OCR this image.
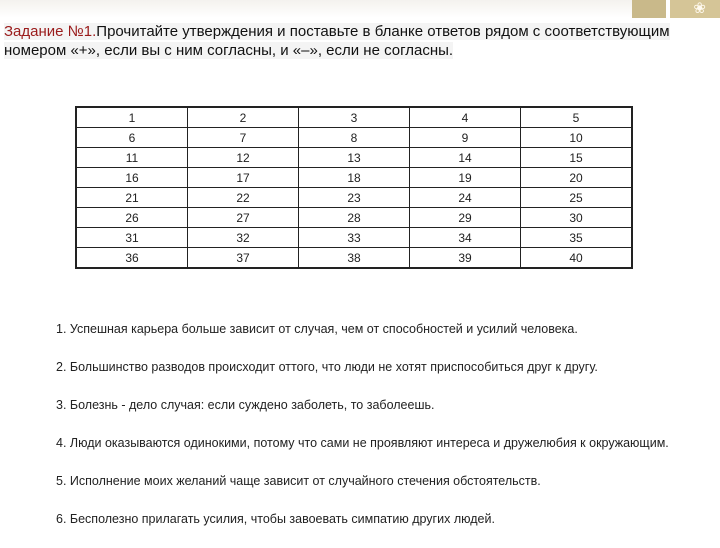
❀
Задание №1.Прочитайте утверждения и поставьте в бланке ответов рядом с соответствующим
номером «+», если вы с ним согласны, и «–», если не согласны.
1	2	3	4	5
6	7	8	9	10
11	12	13	14	15
16	17	18	19	20
21	22	23	24	25
26	27	28	29	30
31	32	33	34	35
36	37	38	39	40

1. Успешная карьера больше зависит от случая, чем от способностей и усилий человека.

2. Большинство разводов происходит оттого, что люди не хотят приспособиться друг к другу.

3. Болезнь - дело случая: если суждено заболеть, то заболеешь.

4. Люди оказываются одинокими, потому что сами не проявляют интереса и дружелюбия к окружающим.

5. Исполнение моих желаний чаще зависит от случайного стечения обстоятельств.

6. Бесполезно прилагать усилия, чтобы завоевать симпатию других людей.
